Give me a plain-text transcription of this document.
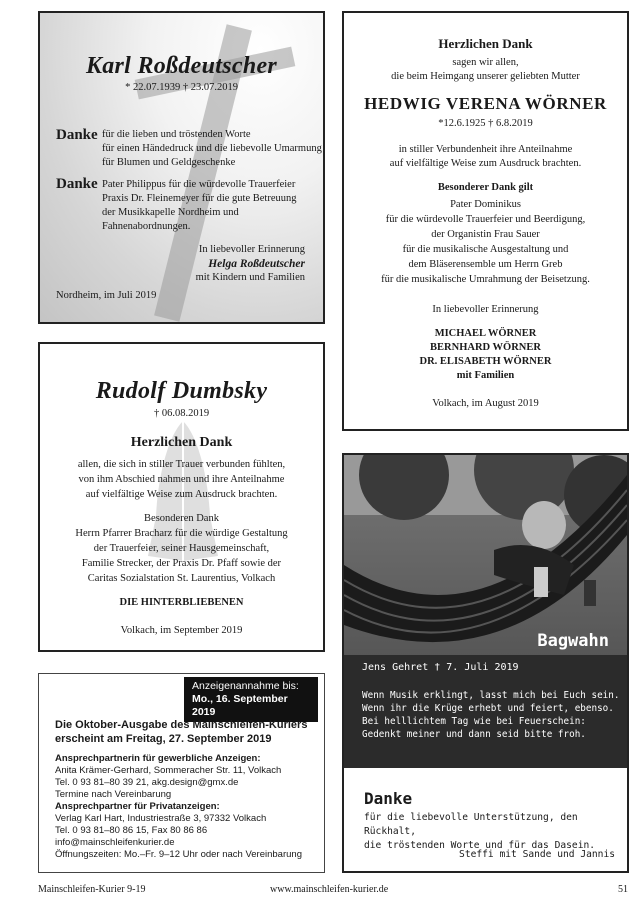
Karl Roßdeutscher
* 22.07.1939 † 23.07.2019
Danke für die lieben und tröstenden Worte
für einen Händedruck und die liebevolle Umarmung
für Blumen und Geldgeschenke
Danke Pater Philippus für die würdevolle Trauerfeier
Praxis Dr. Fleinemeyer für die gute Betreuung
der Musikkapelle Nordheim und
Fahnenabordnungen.
In liebevoller Erinnerung
Helga Roßdeutscher
mit Kindern und Familien
Nordheim, im Juli 2019
Herzlichen Dank
sagen wir allen,
die beim Heimgang unserer geliebten Mutter
HEDWIG VERENA WÖRNER
*12.6.1925 † 6.8.2019
in stiller Verbundenheit ihre Anteilnahme
auf vielfältige Weise zum Ausdruck brachten.
Besonderer Dank gilt
Pater Dominikus
für die würdevolle Trauerfeier und Beerdigung,
der Organistin Frau Sauer
für die musikalische Ausgestaltung und
dem Bläserensemble um Herrn Greb
für die musikalische Umrahmung der Beisetzung.
In liebevoller Erinnerung
MICHAEL WÖRNER
BERNHARD WÖRNER
DR. ELISABETH WÖRNER
mit Familien
Volkach, im August 2019
Rudolf Dumbsky
† 06.08.2019
Herzlichen Dank
allen, die sich in stiller Trauer verbunden fühlten,
von ihm Abschied nahmen und ihre Anteilnahme
auf vielfältige Weise zum Ausdruck brachten.
Besonderen Dank
Herrn Pfarrer Bracharz für die würdige Gestaltung
der Trauerfeier, seiner Hausgemeinschaft,
Familie Strecker, der Praxis Dr. Pfaff sowie der
Caritas Sozialstation St. Laurentius, Volkach
DIE HINTERBLIEBENEN
Volkach, im September 2019
Anzeigenannahme bis:
Mo., 16. September 2019
Die Oktober-Ausgabe des Mainschleifen-Kuriers
erscheint am Freitag, 27. September 2019
Ansprechpartnerin für gewerbliche Anzeigen:
Anita Krämer-Gerhard, Sommeracher Str. 11, Volkach
Tel. 0 93 81–80 39 21, akg.design@gmx.de
Termine nach Vereinbarung
Ansprechpartner für Privatanzeigen:
Verlag Karl Hart, Industriestraße 3, 97332 Volkach
Tel. 0 93 81–80 86 15, Fax 80 86 86
info@mainschleifenkurier.de
Öffnungszeiten: Mo.–Fr. 9–12 Uhr oder nach Vereinbarung
Bagwahn
Jens Gehret † 7. Juli 2019
Wenn Musik erklingt, lasst mich bei Euch sein.
Wenn ihr die Krüge erhebt und feiert, ebenso.
Bei helllichtem Tag wie bei Feuerschein:
Gedenkt meiner und dann seid bitte froh.
Danke
für die liebevolle Unterstützung, den Rückhalt,
die tröstenden Worte und für das Dasein.
Steffi mit Sande und Jannis
Mainschleifen-Kurier 9-19	www.mainschleifen-kurier.de	51
